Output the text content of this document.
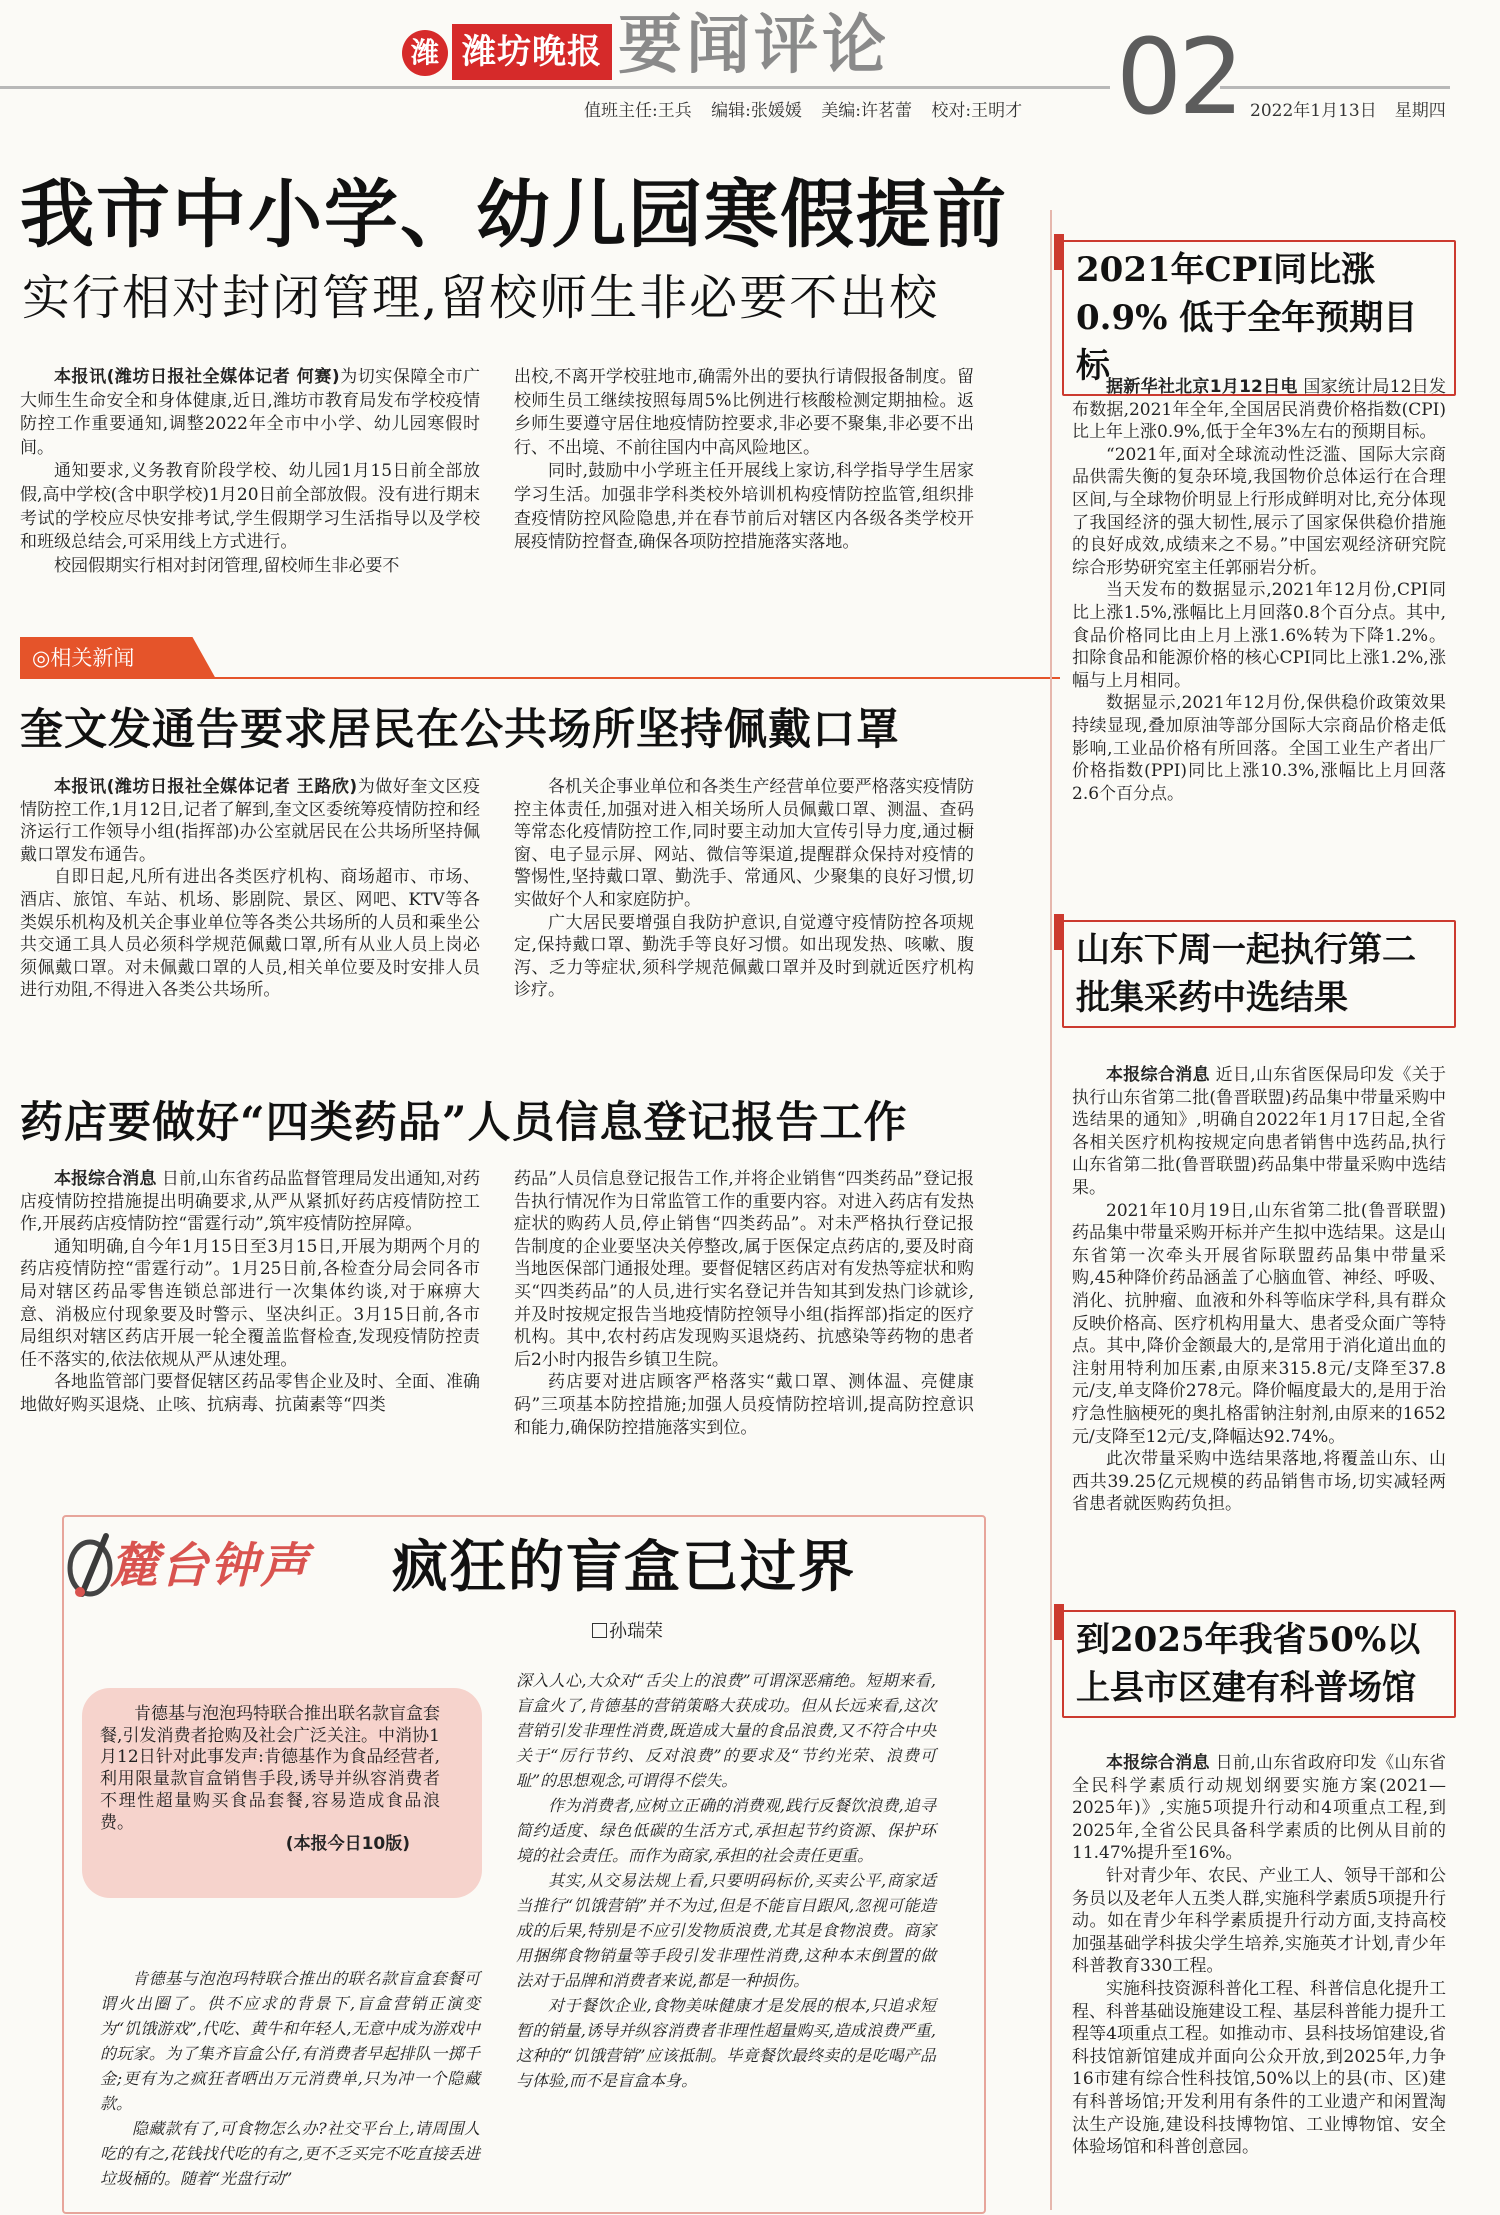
潍 潍坊晚报 要闻评论 02
值班主任:王兵 编辑:张媛媛 美编:许茗蕾 校对:王明才	2022年1月13日 星期四
我市中小学、幼儿园寒假提前
实行相对封闭管理,留校师生非必要不出校

本报讯(潍坊日报社全媒体记者 何赛)为切实保障全市广大师生生命安全和身体健康,近日,潍坊市教育局发布学校疫情防控工作重要通知,调整2022年全市中小学、幼儿园寒假时间。

通知要求,义务教育阶段学校、幼儿园1月15日前全部放假,高中学校(含中职学校)1月20日前全部放假。没有进行期末考试的学校应尽快安排考试,学生假期学习生活指导以及学校和班级总结会,可采用线上方式进行。

校园假期实行相对封闭管理,留校师生非必要不

出校,不离开学校驻地市,确需外出的要执行请假报备制度。留校师生员工继续按照每周5%比例进行核酸检测定期抽检。返乡师生要遵守居住地疫情防控要求,非必要不聚集,非必要不出行、不出境、不前往国内中高风险地区。

同时,鼓励中小学班主任开展线上家访,科学指导学生居家学习生活。加强非学科类校外培训机构疫情防控监管,组织排查疫情防控风险隐患,并在春节前后对辖区内各级各类学校开展疫情防控督查,确保各项防控措施落实落地。

◎相关新闻
奎文发通告要求居民在公共场所坚持佩戴口罩

本报讯(潍坊日报社全媒体记者 王路欣)为做好奎文区疫情防控工作,1月12日,记者了解到,奎文区委统筹疫情防控和经济运行工作领导小组(指挥部)办公室就居民在公共场所坚持佩戴口罩发布通告。

自即日起,凡所有进出各类医疗机构、商场超市、市场、酒店、旅馆、车站、机场、影剧院、景区、网吧、KTV等各类娱乐机构及机关企事业单位等各类公共场所的人员和乘坐公共交通工具人员必须科学规范佩戴口罩,所有从业人员上岗必须佩戴口罩。对未佩戴口罩的人员,相关单位要及时安排人员进行劝阻,不得进入各类公共场所。

各机关企事业单位和各类生产经营单位要严格落实疫情防控主体责任,加强对进入相关场所人员佩戴口罩、测温、查码等常态化疫情防控工作,同时要主动加大宣传引导力度,通过橱窗、电子显示屏、网站、微信等渠道,提醒群众保持对疫情的警惕性,坚持戴口罩、勤洗手、常通风、少聚集的良好习惯,切实做好个人和家庭防护。

广大居民要增强自我防护意识,自觉遵守疫情防控各项规定,保持戴口罩、勤洗手等良好习惯。如出现发热、咳嗽、腹泻、乏力等症状,须科学规范佩戴口罩并及时到就近医疗机构诊疗。

药店要做好“四类药品”人员信息登记报告工作

本报综合消息 日前,山东省药品监督管理局发出通知,对药店疫情防控措施提出明确要求,从严从紧抓好药店疫情防控工作,开展药店疫情防控“雷霆行动”,筑牢疫情防控屏障。

通知明确,自今年1月15日至3月15日,开展为期两个月的药店疫情防控“雷霆行动”。1月25日前,各检查分局会同各市局对辖区药品零售连锁总部进行一次集体约谈,对于麻痹大意、消极应付现象要及时警示、坚决纠正。3月15日前,各市局组织对辖区药店开展一轮全覆盖监督检查,发现疫情防控责任不落实的,依法依规从严从速处理。

各地监管部门要督促辖区药品零售企业及时、全面、准确地做好购买退烧、止咳、抗病毒、抗菌素等“四类

药品”人员信息登记报告工作,并将企业销售“四类药品”登记报告执行情况作为日常监管工作的重要内容。对进入药店有发热症状的购药人员,停止销售“四类药品”。对未严格执行登记报告制度的企业要坚决关停整改,属于医保定点药店的,要及时商当地医保部门通报处理。要督促辖区药店对有发热等症状和购买“四类药品”的人员,进行实名登记并告知其到发热门诊就诊,并及时按规定报告当地疫情防控领导小组(指挥部)指定的医疗机构。其中,农村药店发现购买退烧药、抗感染等药物的患者后2小时内报告乡镇卫生院。

药店要对进店顾客严格落实“戴口罩、测体温、亮健康码”三项基本防控措施;加强人员疫情防控培训,提高防控意识和能力,确保防控措施落实到位。

麓台钟声 疯狂的盲盒已过界
孙瑞荣

肯德基与泡泡玛特联合推出联名款盲盒套餐,引发消费者抢购及社会广泛关注。中消协1月12日针对此事发声:肯德基作为食品经营者,利用限量款盲盒销售手段,诱导并纵容消费者不理性超量购买食品套餐,容易造成食品浪费。

(本报今日10版)

肯德基与泡泡玛特联合推出的联名款盲盒套餐可谓火出圈了。供不应求的背景下,盲盒营销正演变为“饥饿游戏”,代吃、黄牛和年轻人,无意中成为游戏中的玩家。为了集齐盲盒公仔,有消费者早起排队一掷千金;更有为之疯狂者晒出万元消费单,只为冲一个隐藏款。

隐藏款有了,可食物怎么办?社交平台上,请周围人吃的有之,花钱找代吃的有之,更不乏买完不吃直接丢进垃圾桶的。随着“光盘行动”

深入人心,大众对“舌尖上的浪费”可谓深恶痛绝。短期来看,盲盒火了,肯德基的营销策略大获成功。但从长远来看,这次营销引发非理性消费,既造成大量的食品浪费,又不符合中央关于“厉行节约、反对浪费”的要求及“节约光荣、浪费可耻”的思想观念,可谓得不偿失。

作为消费者,应树立正确的消费观,践行反餐饮浪费,追寻简约适度、绿色低碳的生活方式,承担起节约资源、保护环境的社会责任。而作为商家,承担的社会责任更重。

其实,从交易法规上看,只要明码标价,买卖公平,商家适当推行“饥饿营销”并不为过,但是不能盲目跟风,忽视可能造成的后果,特别是不应引发物质浪费,尤其是食物浪费。商家用捆绑食物销量等手段引发非理性消费,这种本末倒置的做法对于品牌和消费者来说,都是一种损伤。

对于餐饮企业,食物美味健康才是发展的根本,只追求短暂的销量,诱导并纵容消费者非理性超量购买,造成浪费严重,这种的“饥饿营销”应该抵制。毕竟餐饮最终卖的是吃喝产品与体验,而不是盲盒本身。

2021年CPI同比涨0.9% 低于全年预期目标

据新华社北京1月12日电 国家统计局12日发布数据,2021年全年,全国居民消费价格指数(CPI)比上年上涨0.9%,低于全年3%左右的预期目标。

“2021年,面对全球流动性泛滥、国际大宗商品供需失衡的复杂环境,我国物价总体运行在合理区间,与全球物价明显上行形成鲜明对比,充分体现了我国经济的强大韧性,展示了国家保供稳价措施的良好成效,成绩来之不易。”中国宏观经济研究院综合形势研究室主任郭丽岩分析。

当天发布的数据显示,2021年12月份,CPI同比上涨1.5%,涨幅比上月回落0.8个百分点。其中,食品价格同比由上月上涨1.6%转为下降1.2%。扣除食品和能源价格的核心CPI同比上涨1.2%,涨幅与上月相同。

数据显示,2021年12月份,保供稳价政策效果持续显现,叠加原油等部分国际大宗商品价格走低影响,工业品价格有所回落。全国工业生产者出厂价格指数(PPI)同比上涨10.3%,涨幅比上月回落2.6个百分点。

山东下周一起执行第二批集采药中选结果

本报综合消息 近日,山东省医保局印发《关于执行山东省第二批(鲁晋联盟)药品集中带量采购中选结果的通知》,明确自2022年1月17日起,全省各相关医疗机构按规定向患者销售中选药品,执行山东省第二批(鲁晋联盟)药品集中带量采购中选结果。

2021年10月19日,山东省第二批(鲁晋联盟)药品集中带量采购开标并产生拟中选结果。这是山东省第一次牵头开展省际联盟药品集中带量采购,45种降价药品涵盖了心脑血管、神经、呼吸、消化、抗肿瘤、血液和外科等临床学科,具有群众反映价格高、医疗机构用量大、患者受众面广等特点。其中,降价金额最大的,是常用于消化道出血的注射用特利加压素,由原来315.8元/支降至37.8元/支,单支降价278元。降价幅度最大的,是用于治疗急性脑梗死的奥扎格雷钠注射剂,由原来的1652元/支降至12元/支,降幅达92.74%。

此次带量采购中选结果落地,将覆盖山东、山西共39.25亿元规模的药品销售市场,切实减轻两省患者就医购药负担。

到2025年我省50%以上县市区建有科普场馆

本报综合消息 日前,山东省政府印发《山东省全民科学素质行动规划纲要实施方案(2021—2025年)》,实施5项提升行动和4项重点工程,到2025年,全省公民具备科学素质的比例从目前的11.47%提升至16%。

针对青少年、农民、产业工人、领导干部和公务员以及老年人五类人群,实施科学素质5项提升行动。如在青少年科学素质提升行动方面,支持高校加强基础学科拔尖学生培养,实施英才计划,青少年科普教育330工程。

实施科技资源科普化工程、科普信息化提升工程、科普基础设施建设工程、基层科普能力提升工程等4项重点工程。如推动市、县科技场馆建设,省科技馆新馆建成并面向公众开放,到2025年,力争16市建有综合性科技馆,50%以上的县(市、区)建有科普场馆;开发利用有条件的工业遗产和闲置淘汰生产设施,建设科技博物馆、工业博物馆、安全体验场馆和科普创意园。
